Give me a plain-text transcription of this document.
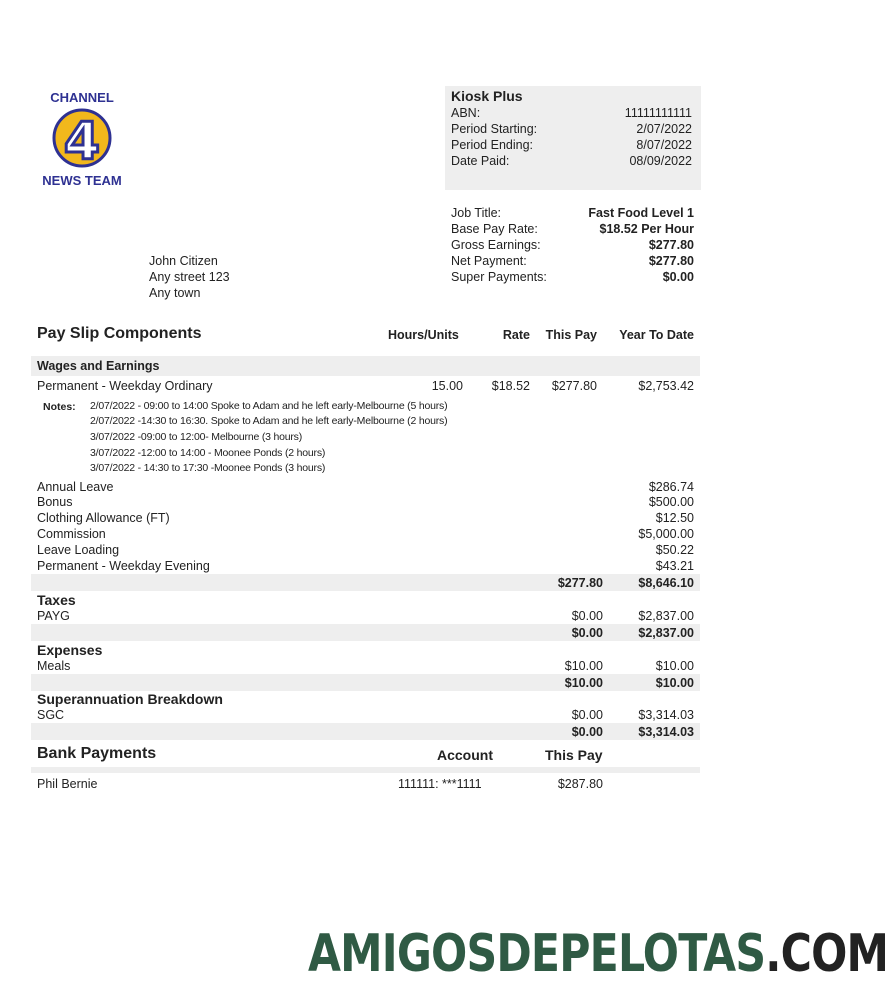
CHANNEL
4
NEWS TEAM
Kiosk Plus
ABN:	11111111111
Period Starting:	2/07/2022
Period Ending:	8/07/2022
Date Paid:	08/09/2022
Job Title:	Fast Food Level 1
Base Pay Rate:	$18.52 Per Hour
Gross Earnings:	$277.80
Net Payment:	$277.80
Super Payments:	$0.00
John Citizen
Any street 123
Any town
Pay Slip Components	Hours/Units	Rate	This Pay	Year To Date
Wages and Earnings
Permanent - Weekday Ordinary	15.00	$18.52	$277.80	$2,753.42
Notes: 2/07/2022 - 09:00 to 14:00 Spoke to Adam and he left early-Melbourne (5 hours)
2/07/2022 -14:30 to 16:30. Spoke to Adam and he left early-Melbourne (2 hours)
3/07/2022 -09:00 to 12:00- Melbourne (3 hours)
3/07/2022 -12:00 to 14:00 - Moonee Ponds (2 hours)
3/07/2022 - 14:30 to 17:30 -Moonee Ponds (3 hours)
Annual Leave	$286.74
Bonus	$500.00
Clothing Allowance (FT)	$12.50
Commission	$5,000.00
Leave Loading	$50.22
Permanent - Weekday Evening	$43.21
$277.80	$8,646.10
Taxes
PAYG	$0.00	$2,837.00
$0.00	$2,837.00
Expenses
Meals	$10.00	$10.00
$10.00	$10.00
Superannuation Breakdown
SGC	$0.00	$3,314.03
$0.00	$3,314.03
Bank Payments	Account	This Pay
Phil Bernie	111111: ***1111	$287.80
AMIGOSDEPELOTAS.COM
